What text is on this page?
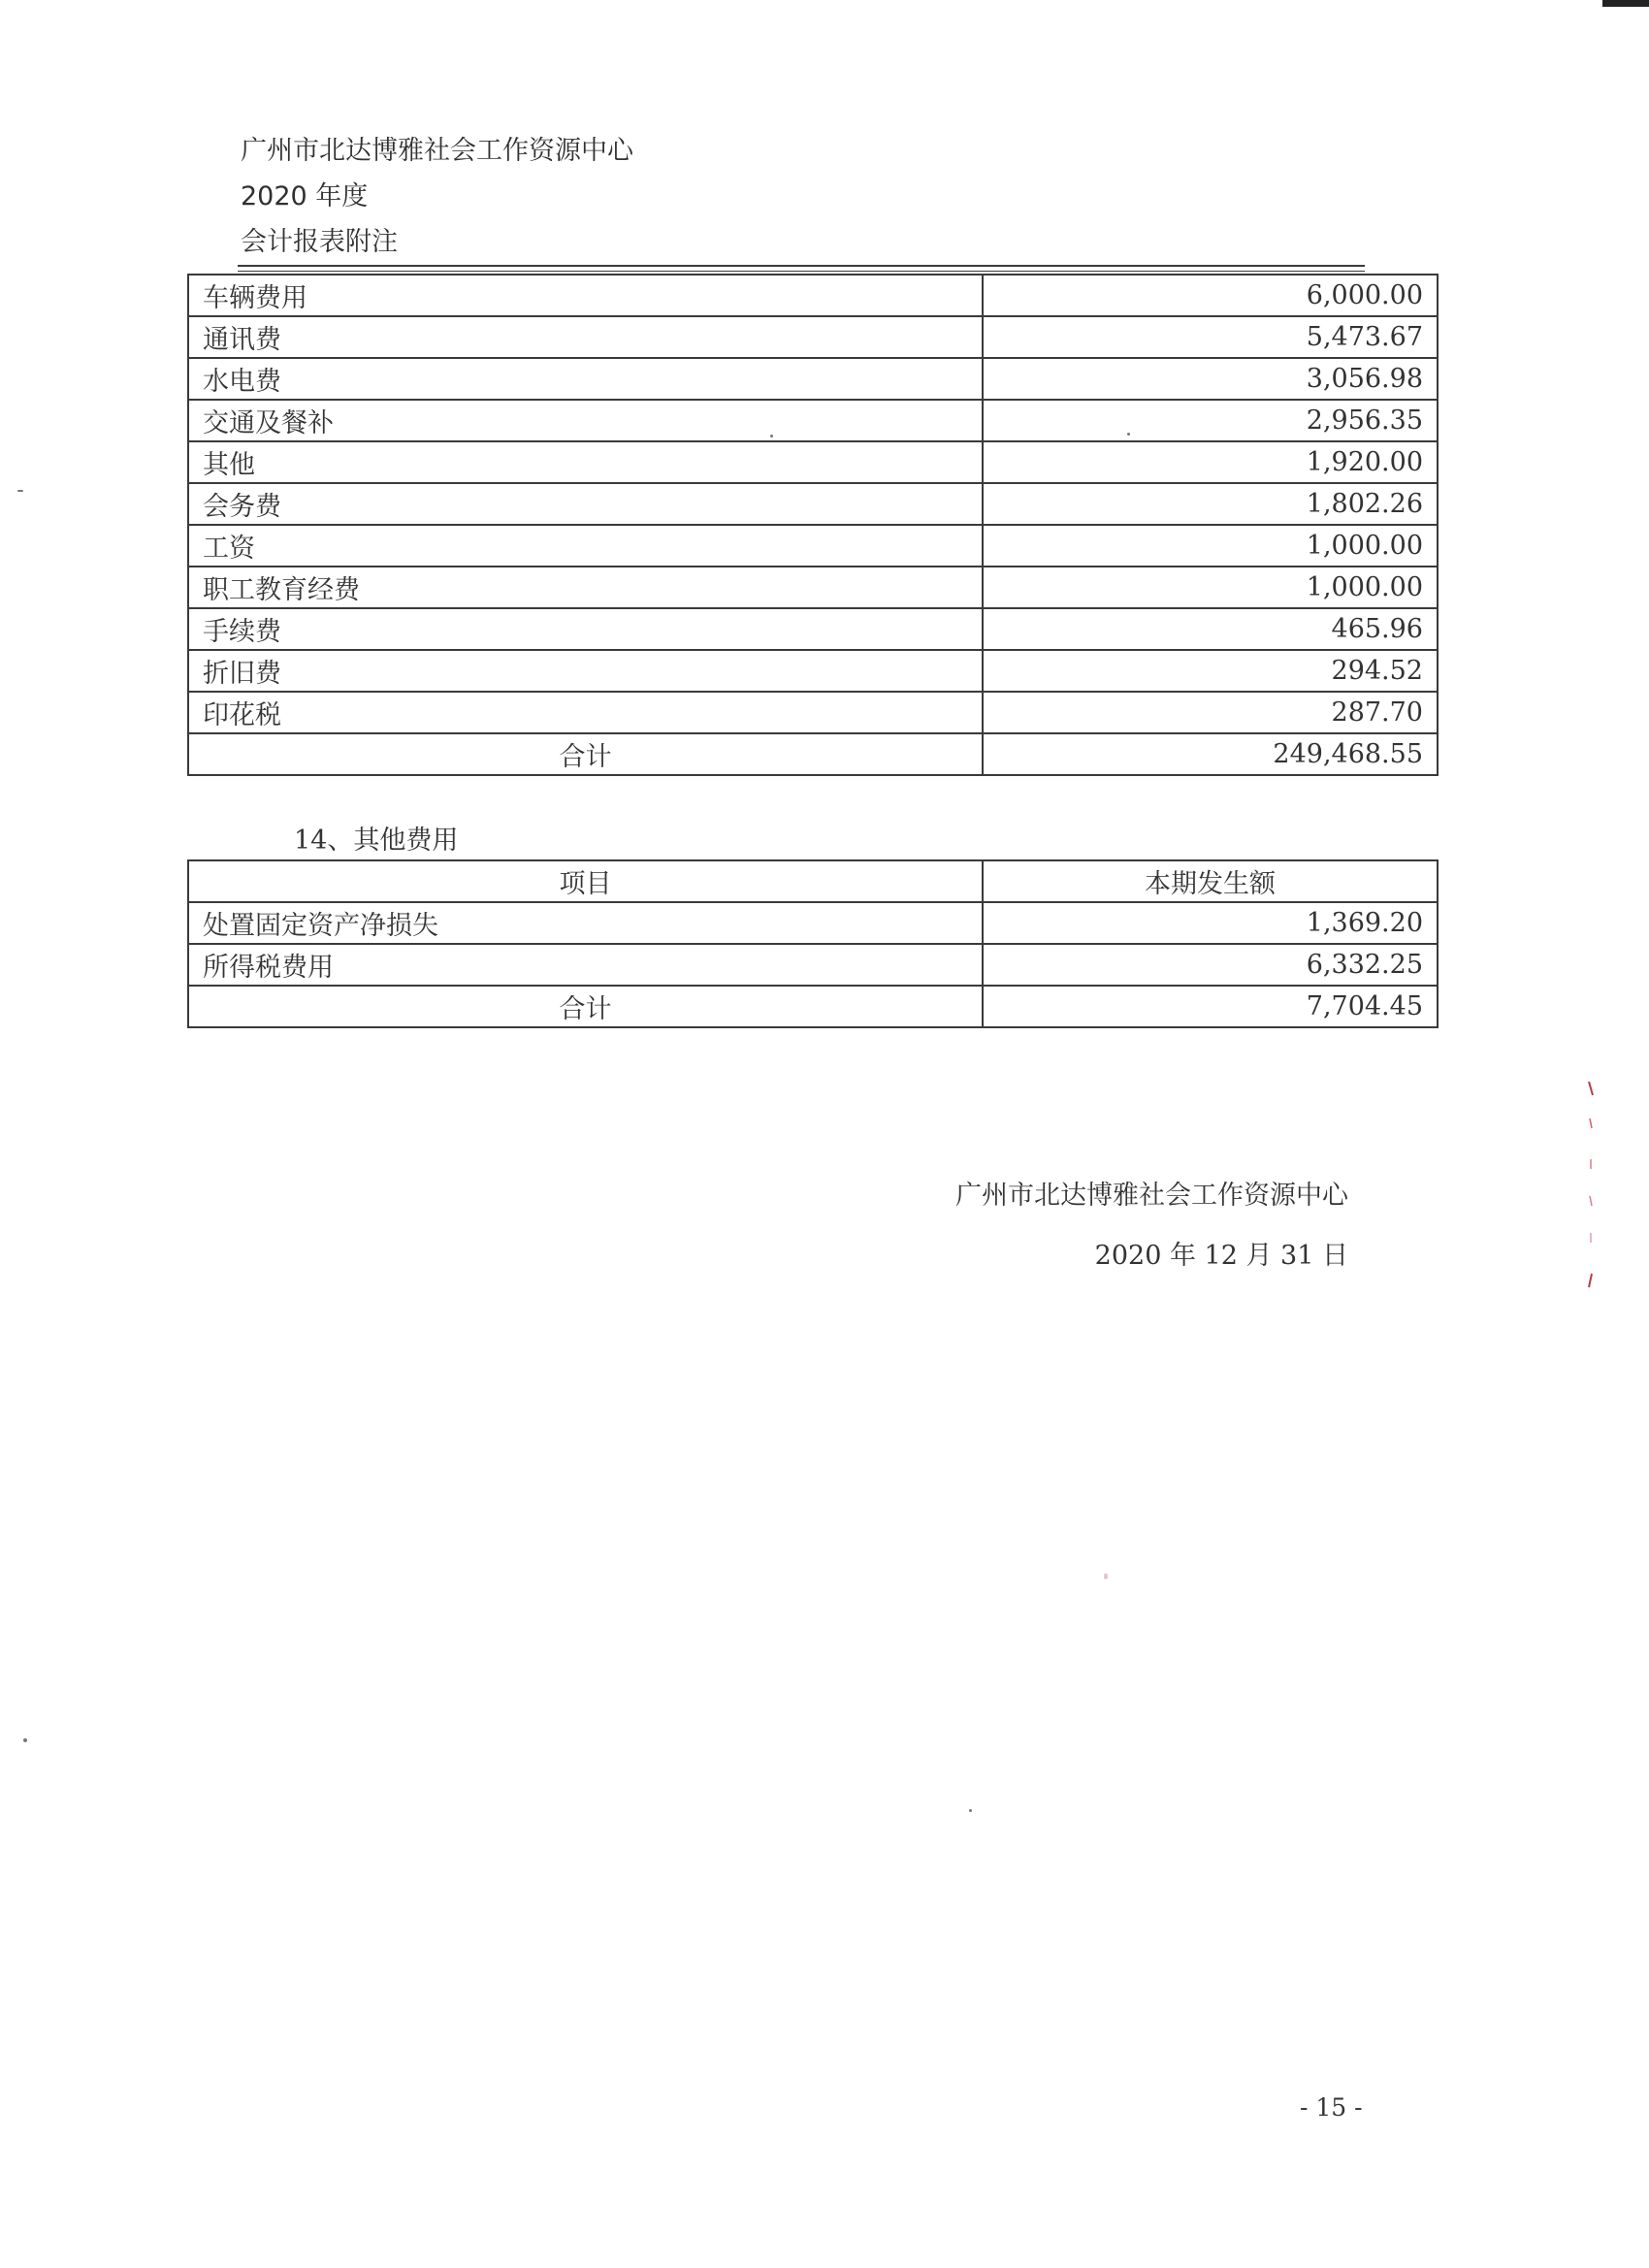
广州市北达博雅社会工作资源中心
2020 年度
会计报表附注
车辆费用	6,000.00
通讯费	5,473.67
水电费	3,056.98
交通及餐补	2,956.35
其他	1,920.00
会务费	1,802.26
工资	1,000.00
职工教育经费	1,000.00
手续费	465.96
折旧费	294.52
印花税	287.70
合计	249,468.55
14、其他费用
项目	本期发生额
处置固定资产净损失	1,369.20
所得税费用	6,332.25
合计	7,704.45
广州市北达博雅社会工作资源中心
2020 年 12 月 31 日
- 15 -
